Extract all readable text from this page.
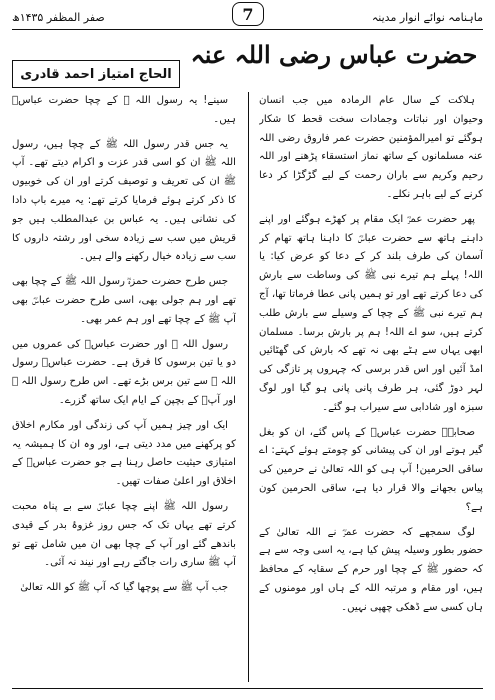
صفر المظفر ۱۴۳۵ھ	ماہنامہ نوائے انوار مدینہ
7
حضرت عباس رضی اللہ عنہ
الحاج امتیاز احمد قادری

ہلاکت کے سال عام الرمادہ میں جب انسان وحیوان اور نباتات وجمادات سخت قحط کا شکار ہوگئے تو امیرالمؤمنین حضرت عمر فاروق رضی اللہ عنہ مسلمانوں کے ساتھ نماز استسقاء پڑھنے اور اللہ رحیم وکریم سے باران رحمت کے لیے گڑگڑا کر دعا کرنے کے لیے باہر نکلے۔

پھر حضرت عمرؓ ایک مقام پر کھڑے ہوگئے اور اپنے داہنے ہاتھ سے حضرت عباسؓ کا داہنا ہاتھ تھام کر آسمان کی طرف بلند کر کے دعا کو عرض کیا: یا اللہ! پہلے ہم تیرے نبی ﷺ کی وساطت سے بارش کی دعا کرتے تھے اور تو ہمیں پانی عطا فرماتا تھا، آج ہم تیرے نبی ﷺ کے چچا کے وسیلے سے بارش طلب کرتے ہیں، سو اے اللہ! ہم پر بارش برسا۔ مسلمان ابھی یہاں سے ہٹے بھی نہ تھے کہ بارش کی گھٹائیں امڈ آئیں اور اس قدر برسی کہ چہروں پر تازگی کی لہر دوڑ گئی، ہر طرف پانی پانی ہو گیا اور لوگ سبزہ اور شادابی سے سیراب ہو گئے۔

صحابہؓ حضرت عباسؓ کے پاس گئے، ان کو بغل گیر ہوتے اور ان کی پیشانی کو چومتے ہوئے کہتے: اے ساقی الحرمین! آپ ہی کو اللہ تعالیٰ نے حرمین کی پیاس بجھانے والا قرار دیا ہے، ساقی الحرمین کون ہے؟

لوگ سمجھے کہ حضرت عمرؓ نے اللہ تعالیٰ کے حضور بطور وسیلہ پیش کیا ہے، یہ اسی وجہ سے ہے کہ حضور ﷺ کے چچا اور حرم کے سقایہ کے محافظ ہیں، اور مقام و مرتبہ اللہ کے ہاں اور مومنوں کے ہاں کسی سے ڈھکی چھپی نہیں۔

سینے! یہ رسول اللہ ﷺ کے چچا حضرت عباسؓ ہیں۔

یہ جس قدر رسول اللہ ﷺ کے چچا ہیں، رسول اللہ ﷺ ان کو اسی قدر عزت و اکرام دیتے تھے۔ آپ ﷺ ان کی تعریف و توصیف کرتے اور ان کی خوبیوں کا ذکر کرتے ہوئے فرمایا کرتے تھے: یہ میرے باپ دادا کی نشانی ہیں۔ یہ عباس بن عبدالمطلب ہیں جو قریش میں سب سے زیادہ سخی اور رشتہ داروں کا سب سے زیادہ خیال رکھنے والے ہیں۔

جس طرح حضرت حمزہؓ رسول اللہ ﷺ کے چچا بھی تھے اور ہم جولی بھی، اسی طرح حضرت عباسؓ بھی آپ ﷺ کے چچا تھے اور ہم عمر بھی۔

رسول اللہ ﷺ اور حضرت عباسؓ کی عمروں میں دو یا تین برسوں کا فرق ہے۔ حضرت عباسؓ رسول اللہ ﷺ سے تین برس بڑے تھے۔ اس طرح رسول اللہ ﷺ اور آپؓ کے بچپن کے ایام ایک ساتھ گزرے۔

ایک اور چیز ہمیں آپ کی زندگی اور مکارم اخلاق کو پرکھنے میں مدد دیتی ہے، اور وہ ان کا ہمیشہ یہ امتیازی حیثیت حاصل رہنا ہے جو حضرت عباسؓ کے اخلاق اور اعلیٰ صفات تھیں۔

رسول اللہ ﷺ اپنے چچا عباسؓ سے بے پناہ محبت کرتے تھے یہاں تک کہ جس روز غزوۂ بدر کے قیدی باندھے گئے اور آپ کے چچا بھی ان میں شامل تھے تو آپ ﷺ ساری رات جاگتے رہے اور نیند نہ آئی۔

جب آپ ﷺ سے پوچھا گیا کہ آپ ﷺ کو اللہ تعالیٰ
